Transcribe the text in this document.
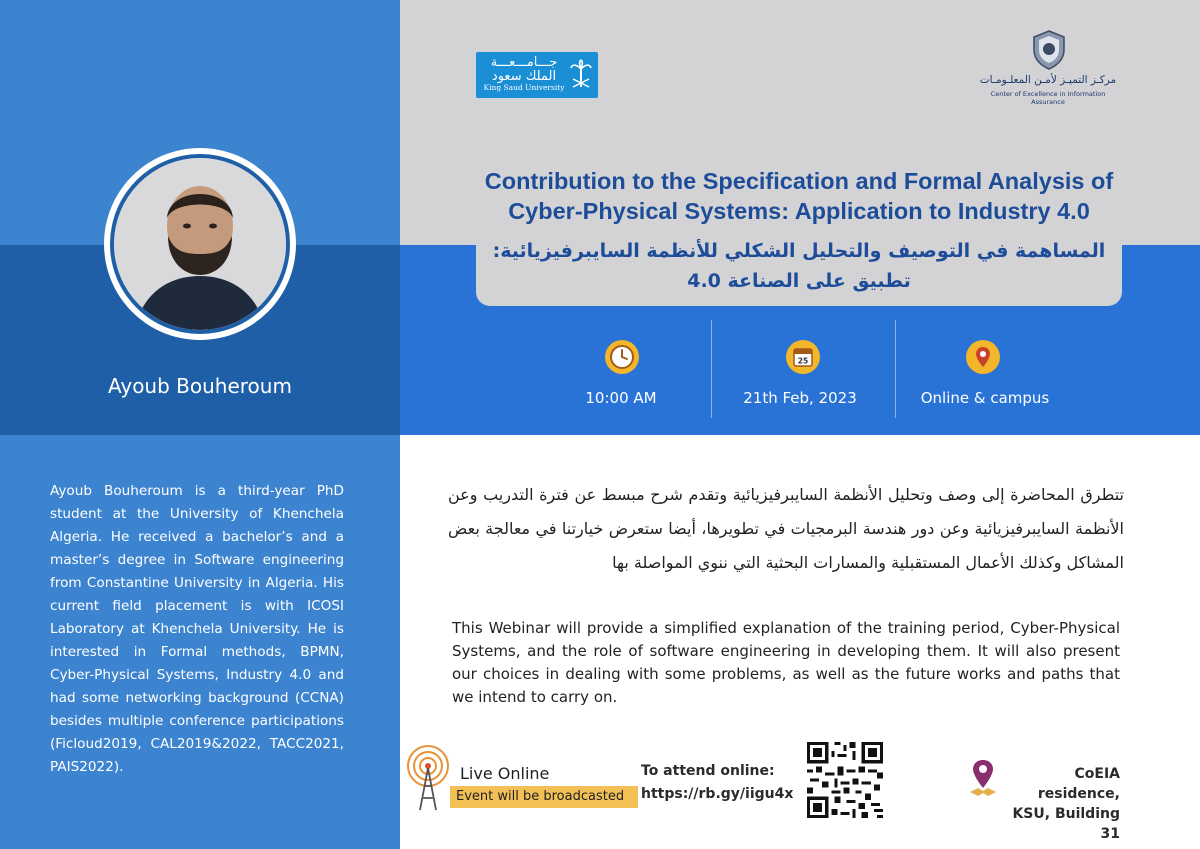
Ayoub Bouheroum

Ayoub Bouheroum is a third-year PhD student at the University of Khenchela Algeria. He received a bachelor’s and a master’s degree in Software engineering from Constantine University in Algeria. His current field placement is with ICOSI Laboratory at Khenchela University. He is interested in Formal methods, BPMN, Cyber-Physical Systems, Industry 4.0 and had some networking background (CCNA) besides multiple conference participations (Ficloud2019, CAL2019&2022, TACC2021, PAIS2022).

جـــامـــعـــة الملك سعود
King Saud University
مركـز التميـز لأمـن المعلـومـات
Center of Excellence in Information Assurance
Contribution to the Specification and Formal Analysis of
Cyber-Physical Systems: Application to Industry 4.0
المساهمة في التوصيف والتحليل الشكلي للأنظمة السايبرفيزيائية:
تطبيق على الصناعة 4.0
10:00 AM
25
21th Feb, 2023	Online & campus

تتطرق المحاضرة إلى وصف وتحليل الأنظمة السايبرفيزيائية وتقدم شرح مبسط عن فترة التدريب وعن الأنظمة السايبرفيزيائية وعن دور هندسة البرمجيات في تطويرها، أيضا ستعرض خيارتنا في معالجة بعض المشاكل وكذلك الأعمال المستقبلية والمسارات البحثية التي ننوي المواصلة بها

This Webinar will provide a simplified explanation of the training period, Cyber-Physical Systems, and the role of software engineering in developing them. It will also present our choices in dealing with some problems, as well as the future works and paths that we intend to carry on.

Live Online
Event will be broadcasted
To attend online:
https://rb.gy/iigu4x
CoEIA residence,
KSU, Building 31
